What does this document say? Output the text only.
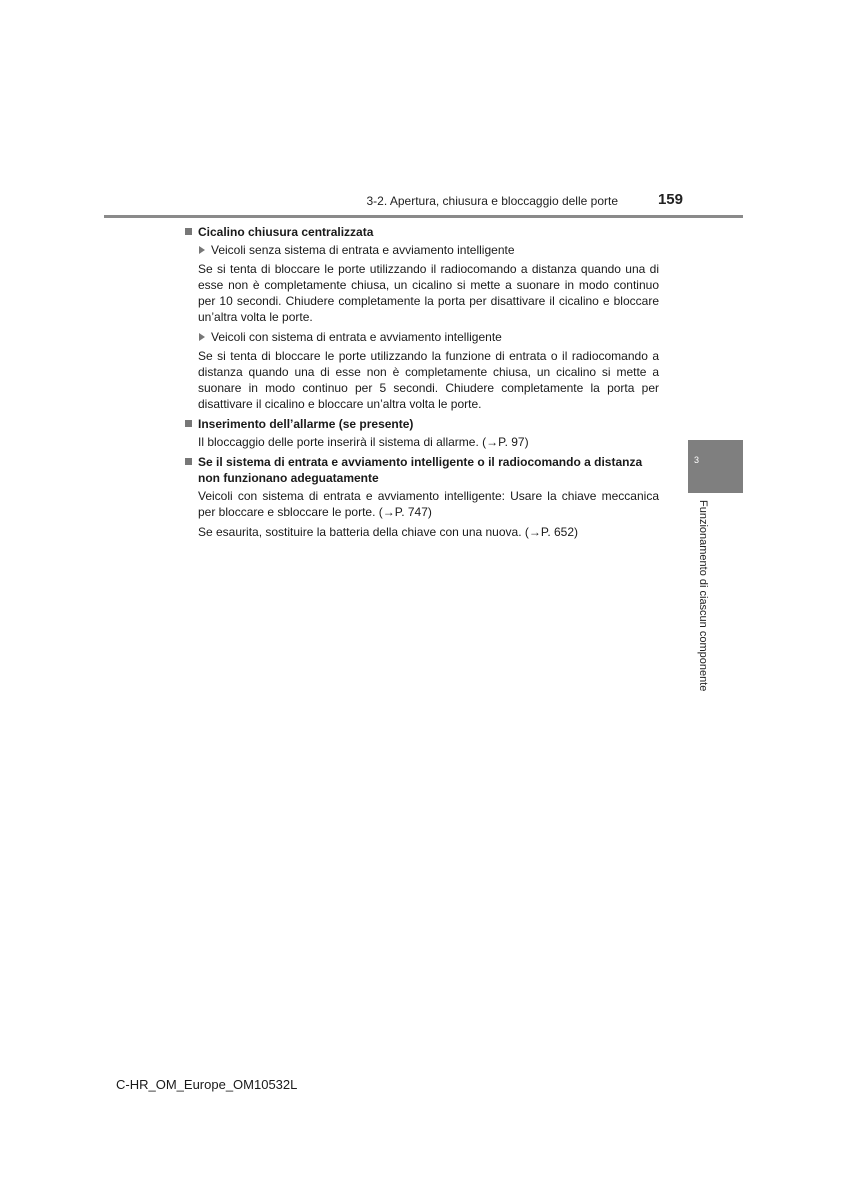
3-2. Apertura, chiusura e bloccaggio delle porte	159
Cicalino chiusura centralizzata
Veicoli senza sistema di entrata e avviamento intelligente
Se si tenta di bloccare le porte utilizzando il radiocomando a distanza quando una di esse non è completamente chiusa, un cicalino si mette a suonare in modo continuo per 10 secondi. Chiudere completamente la porta per disattivare il cicalino e bloccare un’altra volta le porte.
Veicoli con sistema di entrata e avviamento intelligente
Se si tenta di bloccare le porte utilizzando la funzione di entrata o il radiocomando a distanza quando una di esse non è completamente chiusa, un cicalino si mette a suonare in modo continuo per 5 secondi. Chiudere completamente la porta per disattivare il cicalino e bloccare un’altra volta le porte.
Inserimento dell’allarme (se presente)
Il bloccaggio delle porte inserirà il sistema di allarme. (→P. 97)
Se il sistema di entrata e avviamento intelligente o il radiocomando a distanza non funzionano adeguatamente
Veicoli con sistema di entrata e avviamento intelligente: Usare la chiave meccanica per bloccare e sbloccare le porte. (→P. 747)
Se esaurita, sostituire la batteria della chiave con una nuova. (→P. 652)
3
Funzionamento di ciascun componente
C-HR_OM_Europe_OM10532L
